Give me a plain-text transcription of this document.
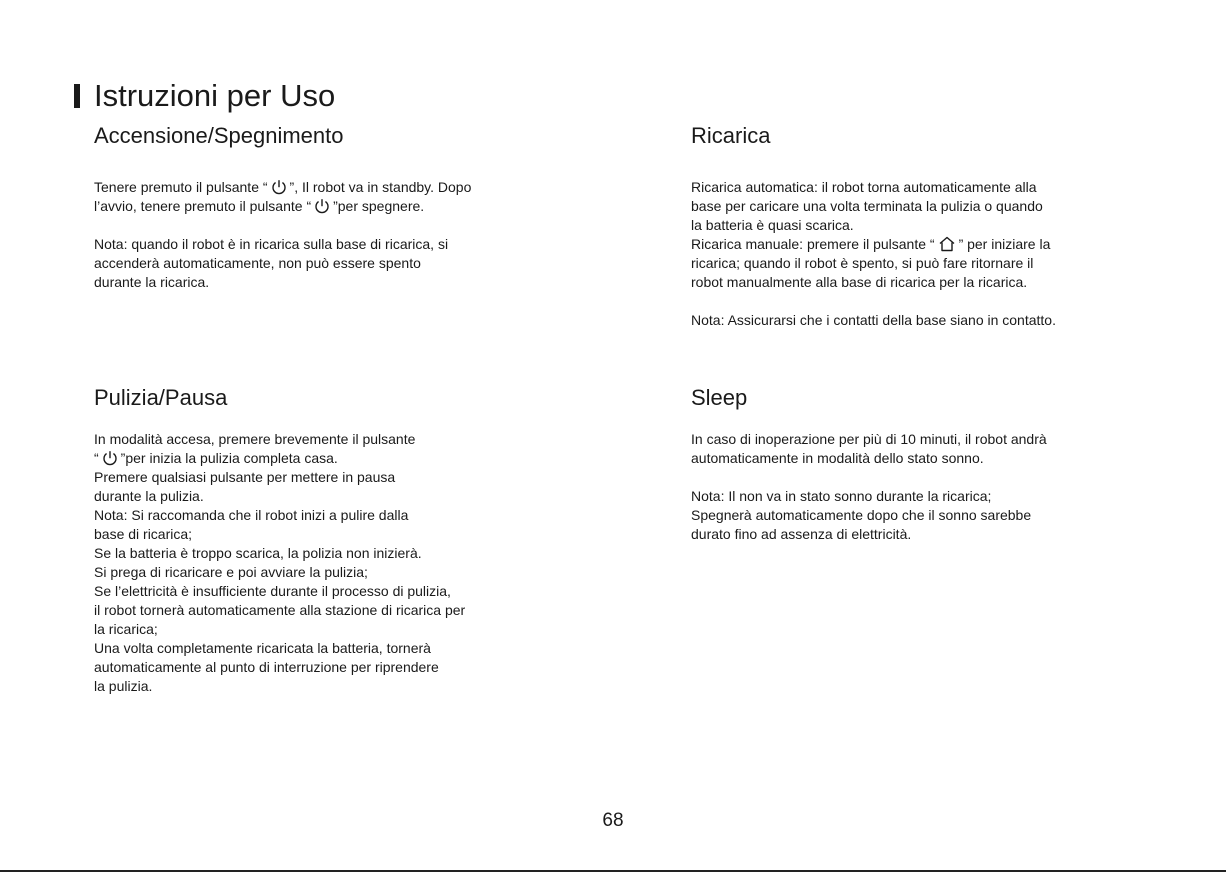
Istruzioni per Uso
Accensione/Spegnimento
Tenere premuto il pulsante “ ”, Il robot va in standby. Dopo
l’avvio, tenere premuto il pulsante “ ”per spegnere.
Nota: quando il robot è in ricarica sulla base di ricarica, si
accenderà automaticamente, non può essere spento
durante la ricarica.
Ricarica
Ricarica automatica: il robot torna automaticamente alla
base per caricare una volta terminata la pulizia o quando
la batteria è quasi scarica.
Ricarica manuale: premere il pulsante “ ” per iniziare la
ricarica; quando il robot è spento, si può fare ritornare il
robot manualmente alla base di ricarica per la ricarica.
Nota: Assicurarsi che i contatti della base siano in contatto.
Pulizia/Pausa
In modalità accesa, premere brevemente il pulsante
“ ”per inizia la pulizia completa casa.
Premere qualsiasi pulsante per mettere in pausa
durante la pulizia.
Nota: Si raccomanda che il robot inizi a pulire dalla
base di ricarica;
Se la batteria è troppo scarica, la polizia non inizierà.
Si prega di ricaricare e poi avviare la pulizia;
Se l’elettricità è insufficiente durante il processo di pulizia,
il robot tornerà automaticamente alla stazione di ricarica per
la ricarica;
Una volta completamente ricaricata la batteria, tornerà
automaticamente al punto di interruzione per riprendere
la pulizia.
Sleep
In caso di inoperazione per più di 10 minuti, il robot andrà
automaticamente in modalità dello stato sonno.
Nota: Il non va in stato sonno durante la ricarica;
Spegnerà automaticamente dopo che il sonno sarebbe
durato fino ad assenza di elettricità.
68
